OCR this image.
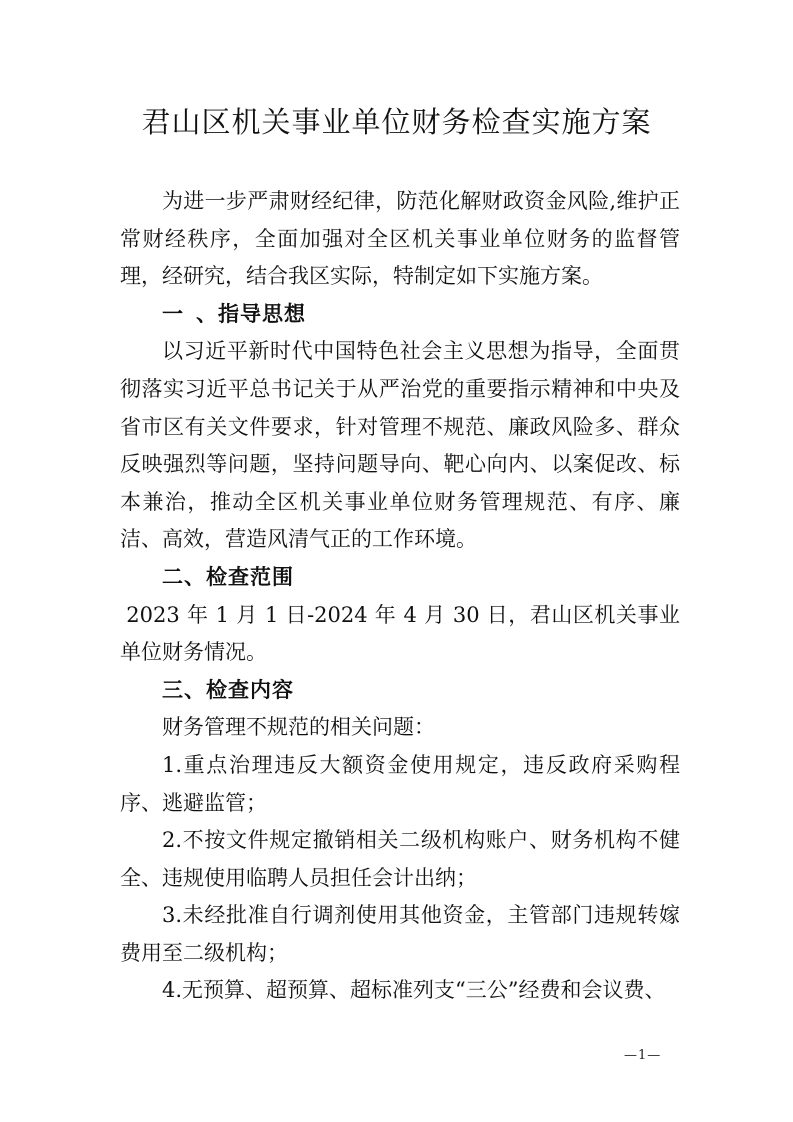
君山区机关事业单位财务检查实施方案

为进一步严肃财经纪律，防范化解财政资金风险,维护正常财经秩序，全面加强对全区机关事业单位财务的监督管理，经研究，结合我区实际，特制定如下实施方案。

一 、指导思想

以习近平新时代中国特色社会主义思想为指导，全面贯彻落实习近平总书记关于从严治党的重要指示精神和中央及省市区有关文件要求，针对管理不规范、廉政风险多、群众反映强烈等问题，坚持问题导向、靶心向内、以案促改、标本兼治，推动全区机关事业单位财务管理规范、有序、廉洁、高效，营造风清气正的工作环境。

二、检查范围

2023 年 1 月 1 日-2024 年 4 月 30 日，君山区机关事业单位财务情况。

三、检查内容

财务管理不规范的相关问题：

1.重点治理违反大额资金使用规定，违反政府采购程序、逃避监管；

2.不按文件规定撤销相关二级机构账户、财务机构不健全、违规使用临聘人员担任会计出纳；

3.未经批准自行调剂使用其他资金，主管部门违规转嫁费用至二级机构；

4.无预算、超预算、超标准列支“三公”经费和会议费、

—1—
